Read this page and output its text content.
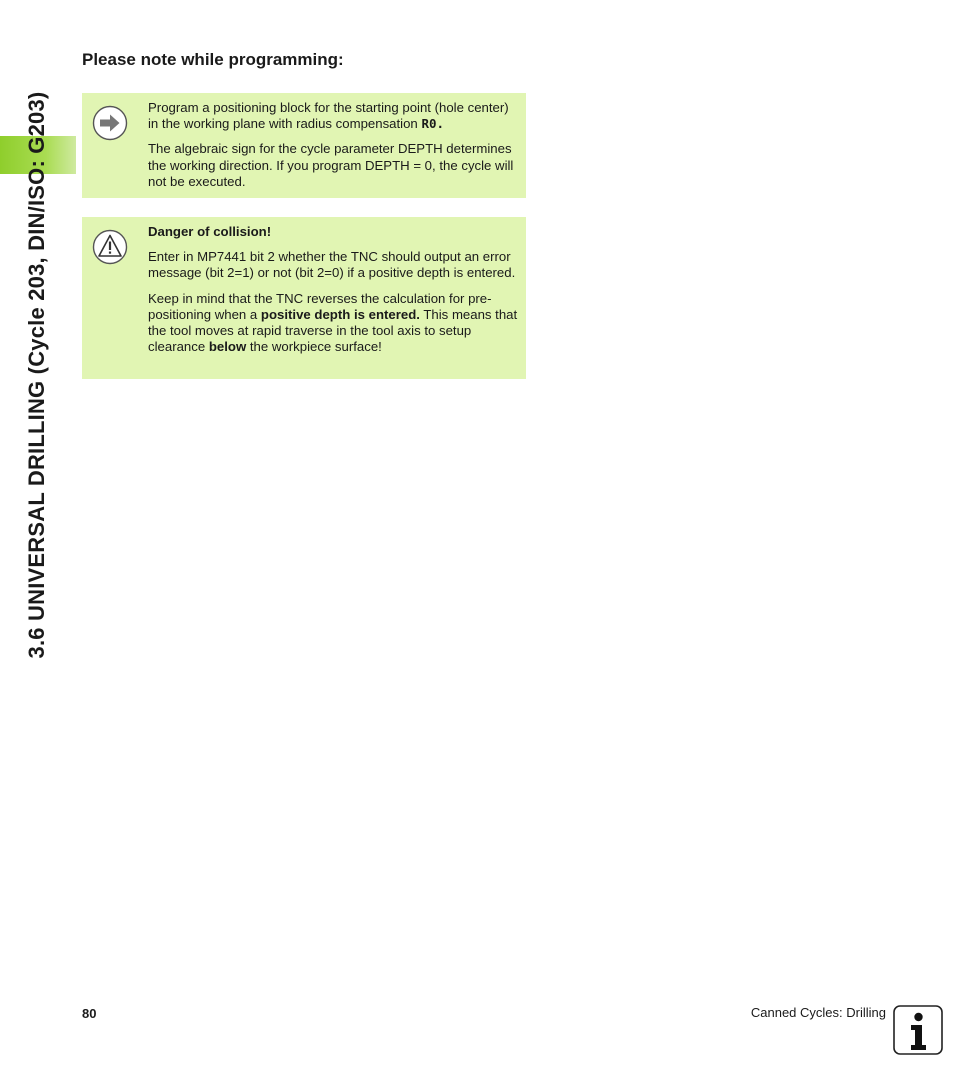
3.6 UNIVERSAL DRILLING (Cycle 203, DIN/ISO: G203)
Please note while programming:

Program a positioning block for the starting point (hole center) in the working plane with radius compensation R0.

The algebraic sign for the cycle parameter DEPTH determines the working direction. If you program DEPTH = 0, the cycle will not be executed.

Danger of collision!

Enter in MP7441 bit 2 whether the TNC should output an error message (bit 2=1) or not (bit 2=0) if a positive depth is entered.

Keep in mind that the TNC reverses the calculation for pre-positioning when a positive depth is entered. This means that the tool moves at rapid traverse in the tool axis to setup clearance below the workpiece surface!

80	Canned Cycles: Drilling
